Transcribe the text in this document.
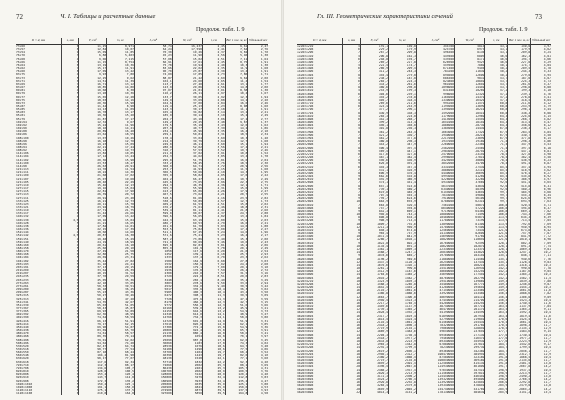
72	Ч. I. Таблицы и расчетные данные
Продолж. табл. I. 9
D × d, мм	s, мм	F, см²	G, кг	J, см⁴	W, см³	i, см	Вес 1 пог. м, кг	Удельный вес
73×60	6	11,25	8,971	58,74	16,237	2,45	6,61	2,47
73×57	8	12,84	10,07	64,24	17,598	2,41	7,64	2,76
73×54	9	15,09	11,85	70,30	19,26	2,37	9,82	1,70
76×70	3	6,88	5,403	45,23	11,90	2,56	5,40	1,38
76×68	4	9,06	7,115	57,08	15,02	2,51	7,11	1,64
76×66	5	11,15	8,754	66,91	17,61	2,45	8,75	1,91
76×64	6	13,19	10,36	75,78	19,94	2,40	10,3	1,38
76×62	7	15,17	11,91	83,66	22,02	2,35	11,9	1,68
76×60	8	17,09	13,42	90,70	23,87	2,30	13,4	1,91
83×75	4	9,93	7,80	74,09	17,85	2,73	7,80	1,71
83×73	5	12,25	9,62	88,87	21,42	2,69	9,62	2,00
83×71	6	14,51	11,39	102,1	24,60	2,65	11,4	1,54
83×69	7	16,71	13,12	113,7	27,40	2,61	13,1	1,77
83×67	8	18,85	14,80	123,9	29,86	2,56	14,8	2,00
89×81	4	10,68	8,38	97,07	21,81	3,01	8,38	1,38
89×79	5	13,20	10,36	116,2	26,11	2,97	10,4	1,67
89×77	6	15,65	12,28	133,7	30,05	2,92	12,3	1,94
89×75	7	18,03	14,16	149,9	33,69	2,88	14,2	2,20
89×73	8	20,36	15,98	164,6	37,00	2,84	16,0	2,46
95×87	4	11,44	8,98	119,4	25,13	3,23	8,98	1,60
95×85	5	14,13	11,09	143,3	30,17	3,18	11,1	1,91
95×83	6	16,78	13,17	165,4	34,82	3,14	13,2	2,21
95×81	7	19,36	15,20	185,9	39,14	3,10	15,2	2,49
95×79	8	21,87	17,17	204,7	43,10	3,06	17,2	2,77
102×94	4	12,32	9,67	149,2	29,25	3,48	9,67	1,37
102×92	5	15,24	11,96	179,5	35,19	3,43	12,0	1,62
102×90	6	18,10	14,21	207,9	40,77	3,39	14,2	1,86
102×88	7	20,89	16,40	234,4	45,96	3,35	16,4	2,10
102×86	8	23,62	18,55	259,1	50,81	3,31	18,5	2,34
108×100	4	13,07	10,26	178,4	33,04	3,69	10,3	1,40
108×98	5	16,18	12,70	214,9	39,79	3,64	12,7	1,68
108×96	6	19,23	15,09	249,0	46,11	3,60	15,1	1,94
108×94	7	22,21	17,44	280,9	52,02	3,56	17,4	2,21
108×92	8	25,13	19,73	310,7	57,53	3,52	19,7	2,46
114×106	4	13,82	10,85	211,0	37,02	3,91	10,8	1,52
114×104	5	17,12	13,44	254,3	44,62	3,85	13,4	1,78
114×102	6	20,36	15,98	295,0	51,75	3,81	16,0	2,04
114×100	7	23,53	18,47	333,2	58,45	3,76	18,5	2,30
114×98	8	26,63	20,91	368,9	64,71	3,72	20,9	2,56
121×113	4	14,70	11,54	253,7	41,93	4,15	11,5	1,68
121×111	5	18,22	14,30	306,5	50,66	4,10	14,3	1,95
121×109	6	21,68	17,02	355,9	58,82	4,05	17,0	2,22
121×107	7	25,07	19,68	402,2	66,47	4,01	19,7	2,49
121×105	8	28,40	22,29	445,6	73,65	3,96	22,3	2,75
127×119	4	15,46	12,13	294,3	46,35	4,36	12,1	1,71
127×117	5	19,16	15,04	355,3	55,96	4,31	15,0	1,99
127×115	6	22,81	17,90	413,2	65,06	4,26	17,9	2,27
127×113	7	26,39	20,72	467,5	73,62	4,21	20,7	2,55
127×111	8	29,91	23,48	518,6	81,66	4,16	23,5	2,82
133×125	4	16,21	12,73	338,4	50,89	4,57	12,7	1,73
133×123	5	20,11	15,78	409,2	61,53	4,51	15,8	2,02
133×121	6	23,94	18,79	476,2	71,61	4,46	18,8	2,31
133×119	7	27,71	21,75	539,4	81,11	4,41	21,8	2,60
133×117	8	31,42	24,66	599,0	90,07	4,37	24,7	2,88
140×132	4	17,09	13,42	396,6	56,65	4,82	13,4	1,84
140×130	4,5	19,16	15,04	442,3	63,19	4,80	15,0	2,03
140×128	5	21,21	16,65	486,7	69,53	4,79	16,6	2,21
146×138	4	17,84	14,01	451,0	61,78	5,03	14,0	1,88
146×136	5	22,15	17,39	553,5	75,82	5,00	17,4	2,27
152×144	4	18,60	14,60	511,1	67,25	5,24	14,6	1,96
152×142	4,5	20,87	16,38	571,6	75,21	5,23	16,4	2,17
159×151	4	19,48	15,29	587,2	73,86	5,49	15,3	2,00
159×149	5	24,19	18,99	721,0	90,69	5,46	19,0	2,43
168×160	4	20,61	16,18	695,8	82,83	5,81	16,2	2,06
168×158	5	25,60	20,10	855,9	101,9	5,78	20,1	2,49
180×170	5	27,49	21,58	1058	117,6	6,20	21,6	2,54
180×168	6	32,80	25,75	1252	139,1	6,18	25,7	2,93
194×184	5	29,69	23,31	1333	137,4	6,70	23,3	2,62
194×182	6	35,44	27,82	1580	162,9	6,68	27,8	3,03
203×193	5	31,10	24,41	1532	150,9	7,02	24,4	2,68
203×191	6	37,13	29,15	1818	179,1	7,00	29,1	3,10
219×209	5	33,62	26,39	1936	176,8	7,59	26,4	2,72
219×207	6	40,15	31,52	2300	210,0	7,57	31,5	3,16
245×235	5	37,70	29,59	2729	222,8	8,51	29,6	2,83
245×233	6	45,05	35,36	3248	265,1	8,49	35,4	3,29
273×263	5	42,10	33,05	3803	278,6	9,50	33,0	2,94
273×261	6	50,33	39,51	4532	332,0	9,49	39,5	3,42
299×289	5	46,18	36,25	5017	335,6	10,4	36,3	3,02
299×287	6	55,23	43,36	5985	400,3	10,4	43,4	3,50
325×315	5	50,27	39,46	6472	398,3	11,3	39,5	3,09
325×313	6	60,13	47,20	7728	475,6	11,3	47,2	3,59
351×341	5	54,35	42,67	8178	466,0	12,3	42,7	3,15
351×339	6	65,03	51,05	9772	556,8	12,3	51,0	3,66
377×367	5	58,43	45,87	10160	539,0	13,2	45,9	3,21
377×365	6	69,93	54,89	12150	644,6	13,2	54,9	3,73
402×392	5	62,36	48,95	12340	614,0	14,1	48,9	3,27
402×390	6	74,64	58,59	14760	734,3	14,1	58,6	3,80
426×416	5	66,13	51,91	14720	691,0	14,9	51,9	3,31
426×414	6	79,17	62,15	17610	826,8	14,9	62,1	3,85
450×440	5	69,90	54,87	17380	772,4	15,8	54,9	3,36
450×438	6	83,69	65,70	20800	924,4	15,8	65,7	3,91
480×470	5	74,61	58,57	21130	880,4	16,8	58,6	3,41
480×468	6	89,35	70,14	25300	1054	16,8	70,1	3,97
508×498	5	79,01	62,02	25090	987,8	17,8	62,0	3,45
508×496	6	94,62	74,28	30060	1183	17,8	74,3	4,02
530×520	5	82,47	64,74	28530	1076	18,6	64,7	3,48
530×518	6	98,77	77,54	34180	1290	18,6	77,5	4,06
560×550	5	87,18	68,44	33700	1204	19,7	68,4	3,52
560×548	6	104,4	81,98	40390	1443	19,7	82,0	4,10
630×620	5	98,17	77,07	48130	1528	22,1	77,1	3,60
630×618	6	117,6	92,34	57710	1832	22,2	92,3	4,20
720×710	5	112,3	88,17	72060	2002	25,3	88,2	3,69
720×708	6	134,6	105,7	86430	2401	25,3	105,7	4,31
820×810	5	128,0	100,5	106700	2602	28,9	100,5	3,76
820×808	6	153,4	120,4	128000	3122	28,9	120,4	4,40
920×910	5	143,7	112,8	150800	3279	32,4	112,8	3,83
920×908	6	172,3	135,2	180900	3933	32,4	135,2	4,47
1020×1010	5	159,4	125,1	205800	4035	35,9	125,1	3,88
1020×1008	6	191,1	150,0	246900	4841	35,9	150,0	4,53
1120×1110	5	175,1	137,5	272900	4873	39,5	137,5	3,93
1120×1108	6	210,0	164,8	327600	5850	39,5	164,8	4,58
Гл. III. Геометрические характеристики сечений	73
Продолж. табл. I. 9
D × d, мм	s, мм	F, см²	G, кг	J, см⁴	W, см³	i, см	Вес 1 пог. м, кг	Удельный вес
1220×1210	5	191,1	150,0	354700	5815	43,1	150,0	3,97
1220×1208	6	229,2	179,9	425700	6979	43,1	179,9	4,62
1220×1206	7	267,2	209,8	496300	8136	43,1	209,8	5,24
1320×1310	5	206,8	162,3	449400	6809	46,6	162,3	4,01
1320×1308	6	248,0	194,7	539300	8171	46,6	194,7	4,66
1320×1306	7	289,2	227,0	628900	9529	46,6	227,0	5,29
1420×1410	5	222,5	174,7	559500	7880	50,1	174,7	4,04
1420×1408	6	266,9	209,5	671400	9456	50,2	209,5	4,70
1420×1406	7	311,2	244,3	783200	11030	50,2	244,3	5,33
1420×1404	8	355,4	279,0	894600	12600	50,2	279,0	5,95
1520×1510	5	238,2	187,0	686300	9031	53,7	187,0	4,07
1520×1508	6	285,7	224,3	823800	10840	53,7	224,3	4,73
1520×1506	7	333,2	261,6	961000	12640	53,7	261,6	5,37
1520×1504	8	380,6	298,8	1098000	14440	53,7	298,8	6,00
1620×1610	5	253,9	199,3	831400	10260	57,2	199,3	4,10
1620×1608	6	304,6	239,1	998000	12320	57,2	239,1	4,76
1620×1606	7	355,2	278,8	1164000	14370	57,2	278,8	5,41
1620×1604	8	405,7	318,5	1330000	16420	57,3	318,5	6,04
1720×1710	5	269,6	211,6	995200	11570	60,8	211,6	4,12
1720×1708	6	323,4	253,9	1195000	13890	60,8	253,9	4,79
1720×1706	7	377,2	296,1	1394000	16210	60,8	296,1	5,44
1720×1704	8	430,9	338,3	1592000	18510	60,8	338,3	6,08
1820×1810	5	285,3	224,0	1179000	12960	64,3	224,0	4,15
1820×1808	6	342,3	268,7	1415000	15550	64,3	268,7	4,82
1820×1806	7	399,2	313,4	1651000	18140	64,3	313,4	5,47
1820×1804	8	456,1	358,0	1886000	20730	64,3	358,0	6,12
1920×1910	5	301,0	236,3	1385000	14430	67,8	236,3	4,17
1920×1908	6	361,2	283,5	1663000	17320	67,9	283,5	4,84
1920×1906	7	421,2	330,7	1940000	20210	67,9	330,7	5,50
1920×1904	8	481,2	377,8	2217000	23090	67,9	377,8	6,15
2020×2010	6	380,0	298,3	1937000	19180	71,4	298,3	4,86
2020×2008	7	443,2	347,9	2260000	22380	71,4	347,9	5,53
2020×2006	8	506,4	397,5	2582000	25560	71,4	397,5	6,18
2020×2004	9	569,5	447,1	2903000	28740	71,4	447,1	6,81
2220×2210	6	417,6	327,8	2570000	23150	78,5	327,8	4,90
2220×2208	7	487,1	382,4	2998000	27010	78,5	382,4	5,58
2220×2206	8	556,6	436,9	3425000	30860	78,4	436,9	6,23
2220×2204	9	626,0	491,4	3852000	34700	78,4	491,4	6,87
2420×2410	6	455,3	357,4	3331000	27530	85,5	357,4	4,94
2420×2408	7	531,1	416,9	3886000	32110	85,5	416,9	5,62
2420×2406	8	606,9	476,4	4440000	36690	85,5	476,4	6,27
2420×2404	9	682,6	535,8	4993000	41260	85,5	535,8	6,92
2620×2610	6	492,9	386,9	4228000	32280	92,6	386,9	4,97
2620×2608	7	575,1	451,4	4933000	37660	92,6	451,4	5,65
2620×2606	8	657,1	515,8	5637000	43030	92,6	515,8	6,31
2620×2604	9	739,1	580,2	6340000	48390	92,6	580,2	6,96
2820×2810	7	619,0	485,9	6155000	43650	99,7	485,9	5,68
2820×2808	8	707,4	555,3	7033000	49880	99,7	555,3	6,34
2820×2806	9	795,7	624,6	7910000	56100	99,7	624,6	6,99
2820×2804	10	883,9	693,9	8786000	62310	99,7	693,9	7,63
3020×3010	7	663,0	520,5	7561000	50070	106,8	520,5	5,71
3020×3008	8	757,7	594,8	8640000	57220	106,8	594,8	6,37
3020×3006	9	852,3	669,1	9719000	64360	106,8	669,1	7,02
3020×3004	10	946,8	743,3	10800000	71490	106,8	743,3	7,66
3220×3210	8	808,0	634,3	10480000	65070	113,9	634,3	6,39
3220×3208	9	908,9	713,5	11780000	73190	113,9	713,5	7,05
3220×3206	10	1009,7	792,6	13090000	81300	113,9	792,6	7,69
3220×3204	12	1211,3	950,9	15700000	97500	113,9	950,9	8,95
3420×3410	8	858,3	673,8	12560000	73430	121,0	673,8	6,42
3420×3408	9	965,4	757,9	14130000	82600	121,0	757,9	7,07
3420×3406	10	1072,5	841,9	15690000	91760	121,0	841,9	7,72
3420×3404	12	1286,7	1010,1	18820000	110050	121,0	1010,1	8,98
3620×3610	9	1022,0	802,3	16760000	92590	128,1	802,3	7,09
3620×3608	10	1135,4	891,3	18620000	102870	128,1	891,3	7,74
3620×3606	12	1362,1	1069,3	22330000	123370	128,1	1069,3	9,01
3620×3604	14	1588,7	1247,1	26030000	143820	128,0	1247,1	10,2
3820×3810	9	1078,6	846,7	19700000	103140	135,1	846,7	7,11
3820×3808	10	1198,2	940,6	21880000	114580	135,1	940,6	7,76
3820×3806	12	1437,5	1128,4	26250000	137430	135,1	1128,4	9,03
3820×3804	14	1676,6	1316,1	30600000	160210	135,1	1316,1	10,3
4020×4010	10	1261,1	990,0	25510000	126930	142,2	990,0	7,78
4020×4008	12	1512,9	1187,6	30600000	152250	142,2	1187,6	9,05
4020×4006	14	1764,6	1385,2	35690000	177540	142,2	1385,2	10,3
4020×4004	16	2016,2	1582,7	40760000	202790	142,2	1582,7	11,5
4220×4210	10	1323,9	1039,3	29510000	139860	149,3	1039,3	7,80
4220×4208	12	1588,3	1246,8	35400000	167770	149,3	1246,8	9,07
4220×4206	14	1852,5	1454,2	41280000	195640	149,3	1454,2	10,3
4220×4204	16	2116,7	1661,6	47150000	223460	149,2	1661,6	11,6
4420×4410	10	1386,8	1088,6	33920000	153480	156,4	1088,6	7,82
4420×4408	12	1663,7	1306,0	40690000	184110	156,4	1306,0	9,09
4420×4406	14	1940,5	1523,3	47450000	214700	156,4	1523,3	10,4
4420×4404	16	2217,2	1740,5	54200000	245250	156,4	1740,5	11,6
4620×4610	10	1449,6	1137,9	38740000	167710	163,5	1137,9	7,84
4620×4608	12	1739,1	1365,2	46470000	201170	163,5	1365,2	9,11
4620×4606	14	2028,4	1592,3	54190000	234590	163,4	1592,3	10,4
4620×4604	16	2317,7	1819,4	61890000	267930	163,4	1819,4	11,6
4820×4810	12	1814,5	1424,4	52790000	219040	170,6	1424,4	9,13
4820×4808	14	2116,4	1661,4	61560000	255430	170,5	1661,4	10,4
4820×4806	16	2418,2	1898,3	70320000	291780	170,5	1898,3	11,7
4820×4804	18	2719,9	2135,1	79060000	328050	170,5	2135,1	12,9
5020×5010	12	1889,9	1483,6	59650000	237650	177,7	1483,6	9,15
5020×5008	14	2204,3	1730,4	69560000	277130	177,6	1730,4	10,4
5020×5006	16	2518,7	1977,2	79460000	316570	177,6	1977,2	11,7
5020×5004	18	2833,0	2223,9	89340000	355930	177,6	2223,9	12,9
5220×5210	12	1965,3	1542,8	67080000	257010	184,7	1542,8	9,17
5220×5208	14	2292,3	1799,5	78230000	299730	184,7	1799,5	10,4
5220×5206	16	2619,2	2056,1	89360000	342380	184,7	2056,1	11,7
5220×5204	18	2946,1	2312,7	100470000	384950	184,7	2312,7	12,9
5420×5410	14	2380,2	1868,5	87580000	323180	191,8	1868,5	10,4
5420×5408	16	2719,7	2135,0	100050000	369180	191,8	2135,0	11,7
5420×5406	18	3059,2	2401,5	112500000	415130	191,8	2401,5	13,0
5420×5404	20	3398,5	2667,8	124930000	461000	191,7	2667,8	14,2
5620×5610	14	2468,2	1937,5	97650000	347510	198,9	1937,5	10,5
5620×5608	16	2820,3	2213,9	111560000	397010	198,9	2213,9	11,7
5620×5606	18	3172,3	2490,2	125450000	446440	198,9	2490,2	13,0
5620×5604	20	3524,2	2766,5	139320000	495800	198,8	2766,5	14,2
5820×5810	16	2920,8	2292,8	123920000	425840	206,0	2292,8	11,7
5820×5808	18	3285,4	2579,0	139340000	478840	205,9	2579,0	13,0
5820×5806	20	3649,9	2865,2	154740000	531760	205,9	2865,2	14,2
5820×5804	22	4014,3	3151,2	170130000	584630	205,9	3151,2	15,4
